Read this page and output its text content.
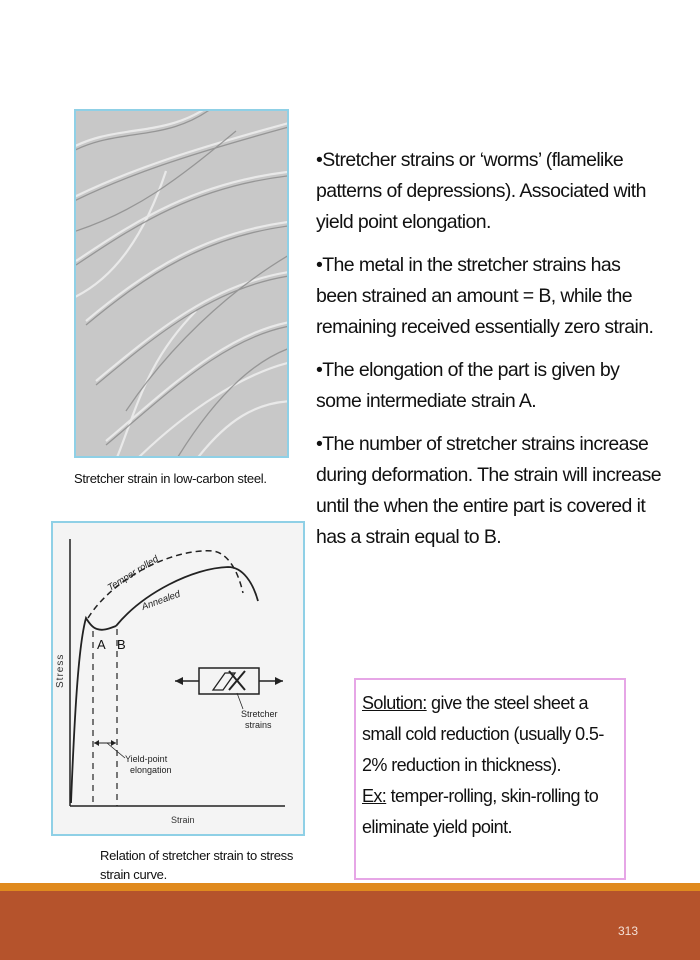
Stretcher strain in low-carbon steel.

•Stretcher strains or ‘worms’ (flamelike patterns of depressions). Associated with yield point elongation.

•The metal in the stretcher strains has been strained an amount = B, while the remaining received essentially zero strain.

•The elongation of the part is given by some intermediate strain A.

•The number of stretcher strains increase during deformation. The strain will increase until the when the entire part is covered it has a strain equal to B.

A B
Stress
Strain
Temper rolled
Annealed
Stretcher
strains
Yield-point
elongation
Relation of stretcher strain to stress strain curve.
Solution: give the steel sheet a small cold reduction (usually 0.5-2% reduction in thickness).
Ex: temper-rolling, skin-rolling to eliminate yield point.
313
